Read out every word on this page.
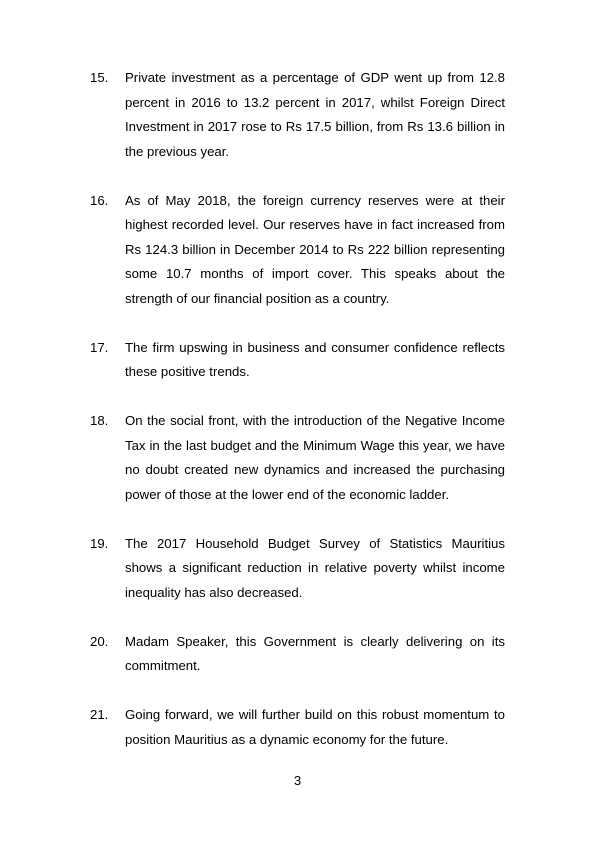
15.	Private investment as a percentage of GDP went up from 12.8 percent in 2016 to 13.2 percent in 2017, whilst Foreign Direct Investment in 2017 rose to Rs 17.5 billion, from Rs 13.6 billion in the previous year.
16.	As of May 2018, the foreign currency reserves were at their highest recorded level. Our reserves have in fact increased from Rs 124.3 billion in December 2014 to Rs 222 billion representing some 10.7 months of import cover. This speaks about the strength of our financial position as a country.
17.	The firm upswing in business and consumer confidence reflects these positive trends.
18.	On the social front, with the introduction of the Negative Income Tax in the last budget and the Minimum Wage this year, we have no doubt created new dynamics and increased the purchasing power of those at the lower end of the economic ladder.
19.	The 2017 Household Budget Survey of Statistics Mauritius shows a significant reduction in relative poverty whilst income inequality has also decreased.
20.	Madam Speaker, this Government is clearly delivering on its commitment.
21.	Going forward, we will further build on this robust momentum to position Mauritius as a dynamic economy for the future.
3
